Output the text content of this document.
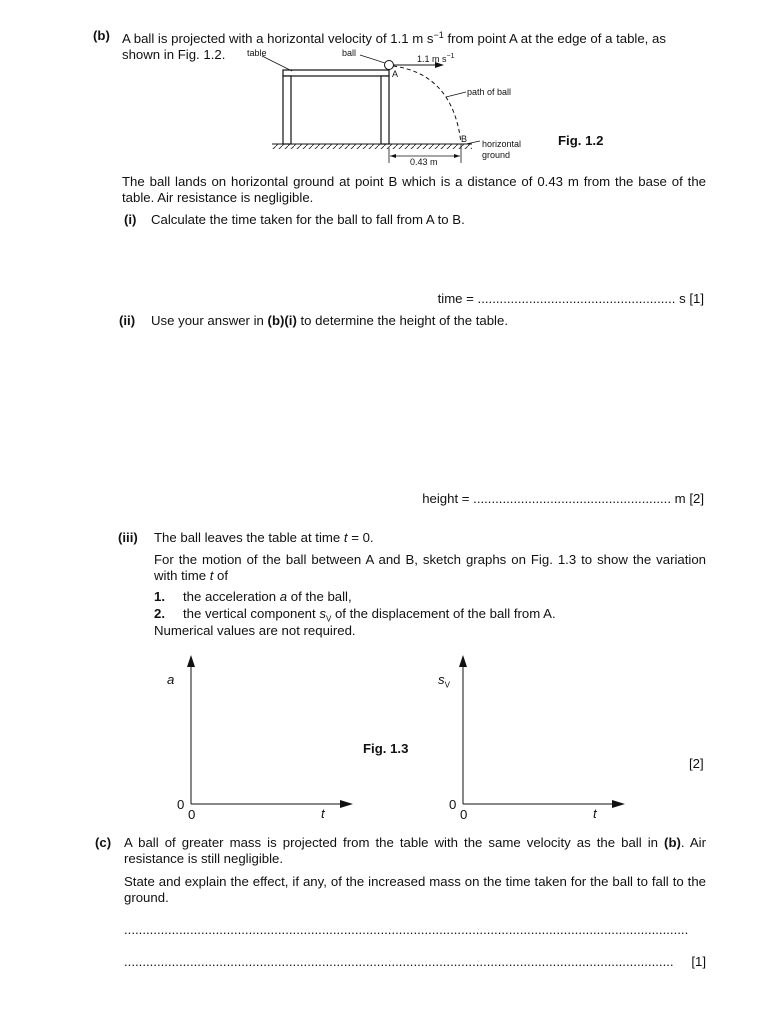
(b) A ball is projected with a horizontal velocity of 1.1 m $s^{-1}$ from point A at the edge of a table, as shown in Fig. 1.2.	table	ball
1.1 m $s^{-1}$
A
path of ball
B horizontal
ground
0.43 m
Fig. 1.2
The ball lands on horizontal ground at point B which is a distance of 0.43 m from the base of the table. Air resistance is negligible.
(i) Calculate the time taken for the ball to fall from A to B.
time = ...................................................... s [1]
(ii) Use your answer in (b)(i) to determine the height of the table.
height = ...................................................... m [2]
(iii) The ball leaves the table at time t = 0.
For the motion of the ball between A and B, sketch graphs on Fig. 1.3 to show the variation with time t of
1. the acceleration a of the ball,
2. the vertical component $s_V$ of the displacement of the ball from A.
Numerical values are not required.
a
0
0	t
$s_V$
0
0	t
Fig. 1.3
[2]
(c) A ball of greater mass is projected from the table with the same velocity as the ball in (b). Air resistance is still negligible.
State and explain the effect, if any, of the increased mass on the time taken for the ball to fall to the ground.
..........................................................................................................................................................
......................................................................................................................................................	[1]
